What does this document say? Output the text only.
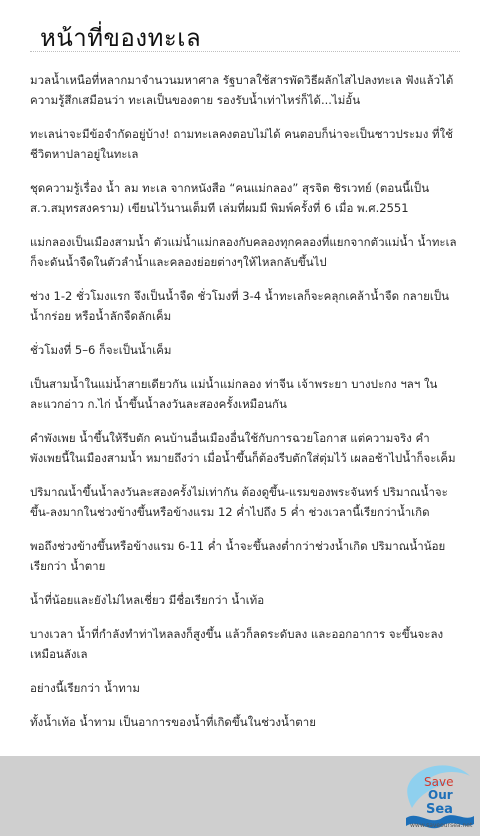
หน้าที่ของทะเล

มวลน้ำเหนือที่หลากมาจำนวนมหาศาล รัฐบาลใช้สารพัดวิธีผลักไสไปลงทะเล ฟังแล้วได้ความรู้สึกเสมือนว่า ทะเลเป็นของตาย รองรับน้ำเท่าไหร่ก็ได้...ไม่อั้น

ทะเลน่าจะมีข้อจำกัดอยู่บ้าง! ถามทะเลคงตอบไม่ได้ คนตอบก็น่าจะเป็นชาวประมง ที่ใช้ชีวิตหาปลาอยู่ในทะเล

ชุดความรู้เรื่อง น้ำ ลม ทะเล จากหนังสือ “คนแม่กลอง” สุรจิต ชิรเวทย์ (ตอนนี้เป็น ส.ว.สมุทรสงคราม) เขียนไว้นานเต็มที เล่มที่ผมมี พิมพ์ครั้งที่ 6 เมื่อ พ.ศ.2551

แม่กลองเป็นเมืองสามน้ำ ตัวแม่น้ำแม่กลองกับคลองทุกคลองที่แยกจากตัวแม่น้ำ น้ำทะเลก็จะดันน้ำจืดในตัวลำน้ำและคลองย่อยต่างๆให้ไหลกลับขึ้นไป

ช่วง 1-2 ชั่วโมงแรก จึงเป็นน้ำจืด ชั่วโมงที่ 3-4 น้ำทะเลก็จะคลุกเคล้าน้ำจืด กลายเป็นน้ำกร่อย หรือน้ำลักจืดลักเค็ม

ชั่วโมงที่ 5–6 ก็จะเป็นน้ำเค็ม

เป็นสามน้ำในแม่น้ำสายเดียวกัน แม่น้ำแม่กลอง ท่าจีน เจ้าพระยา บางปะกง ฯลฯ ในละแวกอ่าว ก.ไก่ น้ำขึ้นน้ำลงวันละสองครั้งเหมือนกัน

คำพังเพย น้ำขึ้นให้รีบตัก คนบ้านอื่นเมืองอื่นใช้กับการฉวยโอกาส แต่ความจริง คำพังเพยนี้ในเมืองสามน้ำ หมายถึงว่า เมื่อน้ำขึ้นก็ต้องรีบตักใส่ตุ่มไว้ เผลอช้าไปน้ำก็จะเค็ม

ปริมาณน้ำขึ้นน้ำลงวันละสองครั้งไม่เท่ากัน ต้องดูขึ้น-แรมของพระจันทร์ ปริมาณน้ำจะขึ้น-ลงมากในช่วงข้างขึ้นหรือข้างแรม 12 ค่ำไปถึง 5 ค่ำ ช่วงเวลานี้เรียกว่าน้ำเกิด

พอถึงช่วงข้างขึ้นหรือข้างแรม 6-11 ค่ำ น้ำจะขึ้นลงต่ำกว่าช่วงน้ำเกิด ปริมาณน้ำน้อยเรียกว่า น้ำตาย

น้ำที่น้อยและยังไม่ไหลเชี่ยว มีชื่อเรียกว่า น้ำเท้อ

บางเวลา น้ำที่กำลังทำท่าไหลลงก็สูงขึ้น แล้วก็ลดระดับลง และออกอาการ จะขึ้นจะลงเหมือนลังเล

อย่างนี้เรียกว่า น้ำทาม

ทั้งน้ำเท้อ น้ำทาม เป็นอาการของน้ำที่เกิดขึ้นในช่วงน้ำตาย

Save
Our
Sea
www.saveoursea.net
